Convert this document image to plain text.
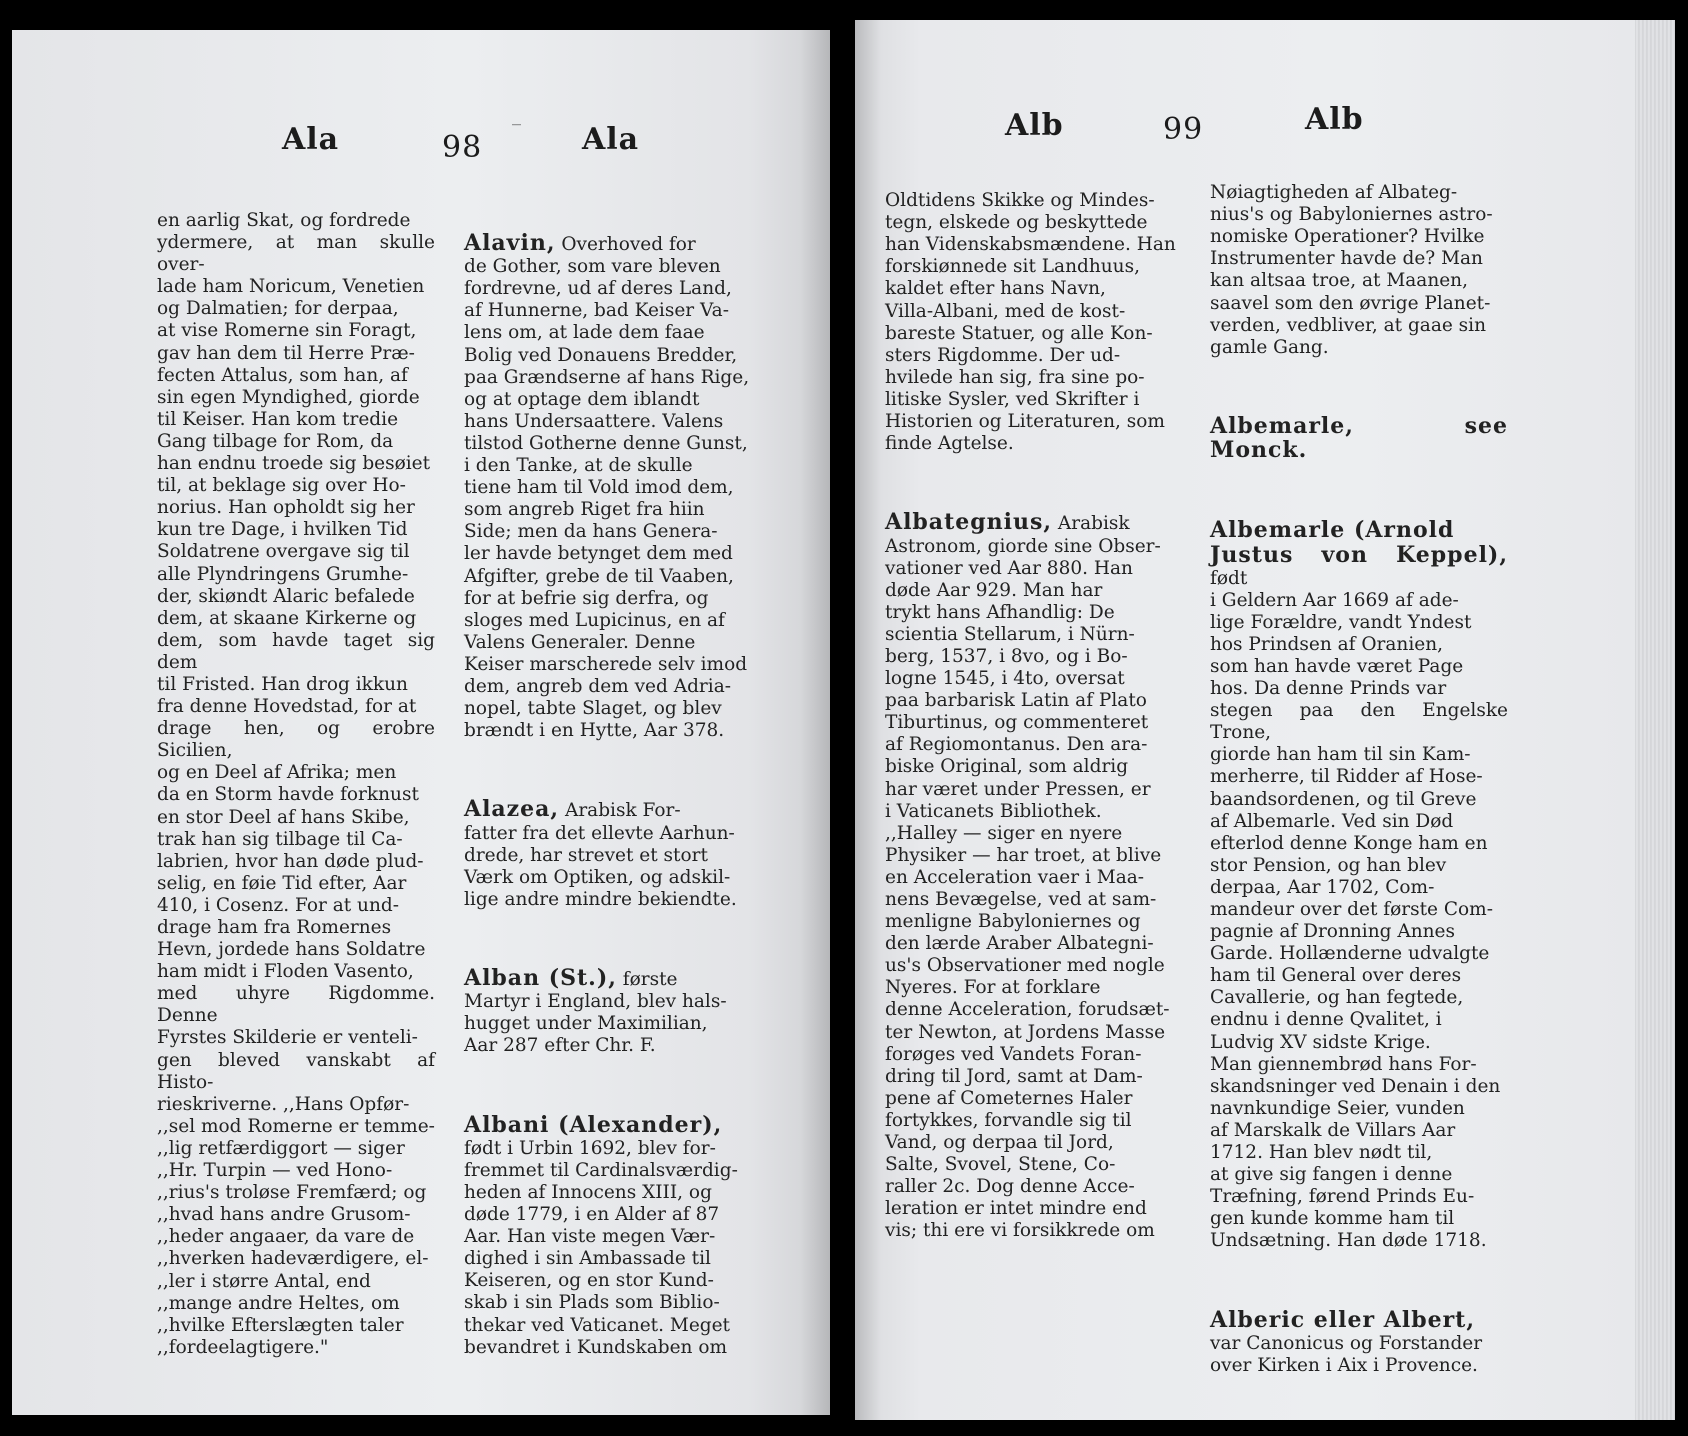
Ala	98 ‾ Ala
en aarlig Skat, og fordrede
ydermere, at man skulle over-
lade ham Noricum, Venetien
og Dalmatien; for derpaa,
at vise Romerne sin Foragt,
gav han dem til Herre Præ-
fecten Attalus, som han, af
sin egen Myndighed, giorde
til Keiser. Han kom tredie
Gang tilbage for Rom, da
han endnu troede sig besøiet
til, at beklage sig over Ho-
norius. Han opholdt sig her
kun tre Dage, i hvilken Tid
Soldatrene overgave sig til
alle Plyndringens Grumhe-
der, skiøndt Alaric befalede
dem, at skaane Kirkerne og
dem, som havde taget sig dem
til Fristed. Han drog ikkun
fra denne Hovedstad, for at
drage hen, og erobre Sicilien,
og en Deel af Afrika; men
da en Storm havde forknust
en stor Deel af hans Skibe,
trak han sig tilbage til Ca-
labrien, hvor han døde plud-
selig, en føie Tid efter, Aar
410, i Cosenz. For at und-
drage ham fra Romernes
Hevn, jordede hans Soldatre
ham midt i Floden Vasento,
med uhyre Rigdomme. Denne
Fyrstes Skilderie er venteli-
gen bleved vanskabt af Histo-
rieskriverne. ,,Hans Opfør-
,,sel mod Romerne er temme-
,,lig retfærdiggort — siger
,,Hr. Turpin — ved Hono-
,,rius's troløse Fremfærd; og
,,hvad hans andre Grusom-
,,heder angaaer, da vare de
,,hverken hadeværdigere, el-
,,ler i større Antal, end
,,mange andre Heltes, om
,,hvilke Efterslægten taler
,,fordeelagtigere."

Alavin, Overhoved for
de Gother, som vare bleven
fordrevne, ud af deres Land,
af Hunnerne, bad Keiser Va-
lens om, at lade dem faae
Bolig ved Donauens Bredder,
paa Grændserne af hans Rige,
og at optage dem iblandt
hans Undersaattere. Valens
tilstod Gotherne denne Gunst,
i den Tanke, at de skulle
tiene ham til Vold imod dem,
som angreb Riget fra hiin
Side; men da hans Genera-
ler havde betynget dem med
Afgifter, grebe de til Vaaben,
for at befrie sig derfra, og
sloges med Lupicinus, en af
Valens Generaler. Denne
Keiser marscherede selv imod
dem, angreb dem ved Adria-
nopel, tabte Slaget, og blev
brændt i en Hytte, Aar 378.

Alazea, Arabisk For-
fatter fra det ellevte Aarhun-
drede, har strevet et stort
Værk om Optiken, og adskil-
lige andre mindre bekiendte.

Alban (St.), første
Martyr i England, blev hals-
hugget under Maximilian,
Aar 287 efter Chr. F.

Albani (Alexander),
født i Urbin 1692, blev for-
fremmet til Cardinalsværdig-
heden af Innocens XIII, og
døde 1779, i en Alder af 87
Aar. Han viste megen Vær-
dighed i sin Ambassade til
Keiseren, og en stor Kund-
skab i sin Plads som Biblio-
thekar ved Vaticanet. Meget
bevandret i Kundskaben om

Alb	99	Alb

Oldtidens Skikke og Mindes-
tegn, elskede og beskyttede
han Videnskabsmændene. Han
forskiønnede sit Landhuus,
kaldet efter hans Navn,
Villa-Albani, med de kost-
bareste Statuer, og alle Kon-
sters Rigdomme. Der ud-
hvilede han sig, fra sine po-
litiske Sysler, ved Skrifter i
Historien og Literaturen, som
finde Agtelse.

Albategnius, Arabisk
Astronom, giorde sine Obser-
vationer ved Aar 880. Han
døde Aar 929. Man har
trykt hans Afhandlig: De
scientia Stellarum, i Nürn-
berg, 1537, i 8vo, og i Bo-
logne 1545, i 4to, oversat
paa barbarisk Latin af Plato
Tiburtinus, og commenteret
af Regiomontanus. Den ara-
biske Original, som aldrig
har været under Pressen, er
i Vaticanets Bibliothek.
,,Halley — siger en nyere
Physiker — har troet, at blive
en Acceleration vaer i Maa-
nens Bevægelse, ved at sam-
menligne Babyloniernes og
den lærde Araber Albategni-
us's Observationer med nogle
Nyeres. For at forklare
denne Acceleration, forudsæt-
ter Newton, at Jordens Masse
forøges ved Vandets Foran-
dring til Jord, samt at Dam-
pene af Cometernes Haler
fortykkes, forvandle sig til
Vand, og derpaa til Jord,
Salte, Svovel, Stene, Co-
raller 2c. Dog denne Acce-
leration er intet mindre end
vis; thi ere vi forsikkrede om

Nøiagtigheden af Albateg-
nius's og Babyloniernes astro-
nomiske Operationer? Hvilke
Instrumenter havde de? Man
kan altsaa troe, at Maanen,
saavel som den øvrige Planet-
verden, vedbliver, at gaae sin
gamle Gang.

Albemarle, see Monck.

Albemarle (Arnold
Justus von Keppel), født
i Geldern Aar 1669 af ade-
lige Forældre, vandt Yndest
hos Prindsen af Oranien,
som han havde været Page
hos. Da denne Prinds var
stegen paa den Engelske Trone,
giorde han ham til sin Kam-
merherre, til Ridder af Hose-
baandsordenen, og til Greve
af Albemarle. Ved sin Død
efterlod denne Konge ham en
stor Pension, og han blev
derpaa, Aar 1702, Com-
mandeur over det første Com-
pagnie af Dronning Annes
Garde. Hollænderne udvalgte
ham til General over deres
Cavallerie, og han fegtede,
endnu i denne Qvalitet, i
Ludvig XV sidste Krige.
Man giennembrød hans For-
skandsninger ved Denain i den
navnkundige Seier, vunden
af Marskalk de Villars Aar
1712. Han blev nødt til,
at give sig fangen i denne
Træfning, førend Prinds Eu-
gen kunde komme ham til
Undsætning. Han døde 1718.

Alberic eller Albert,
var Canonicus og Forstander
over Kirken i Aix i Provence.
